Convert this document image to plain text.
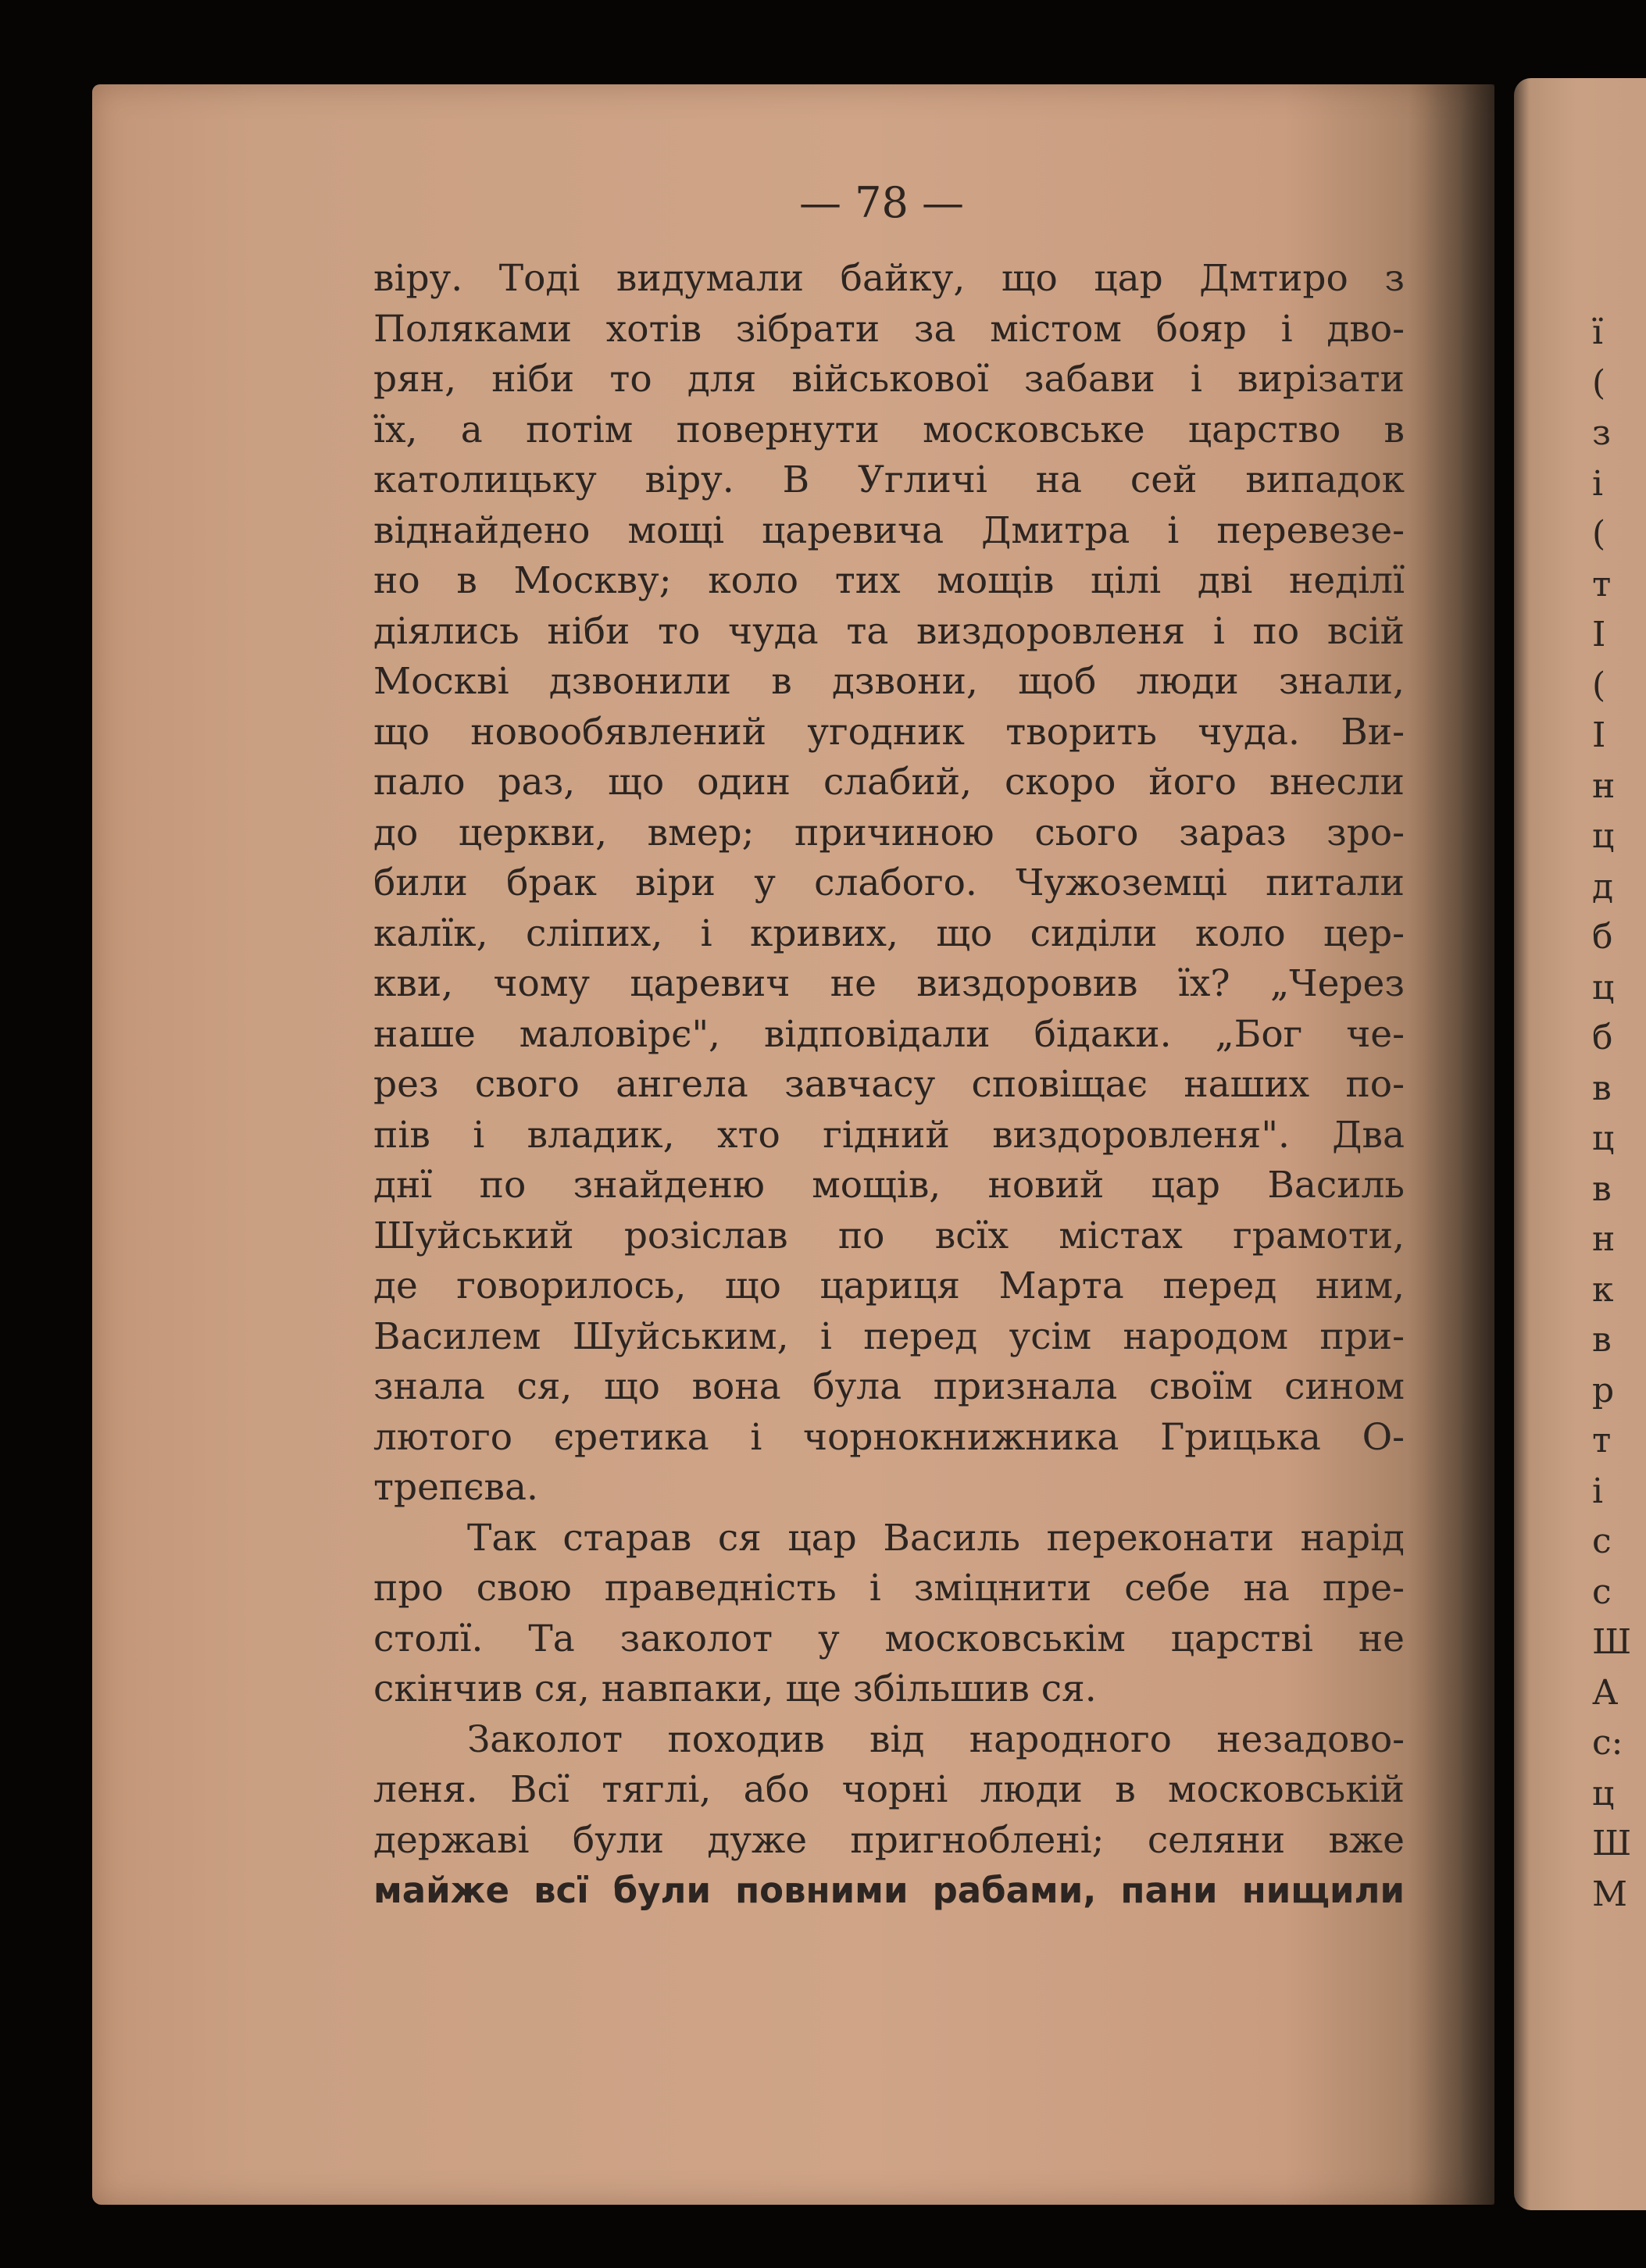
ї
(
з
і
(
т
І
(
І
н
ц
д
б
ц
б
в
ц
в
н
к
в
р
т
і
с
с
Ш
А
с:
ц
Ш
М
— 78 —
віру. Тоді видумали байку, що цар Дмтиро з
Поляками хотів зібрати за містом бояр і дво-
рян, ніби то для військової забави і вирізати
їх, а потім повернути московське царство в
католицьку віру. В Угличі на сей випадок
віднайдено мощі царевича Дмитра і перевезе-
но в Москву; коло тих мощів цілі дві неділї
діялись ніби то чуда та виздоровленя і по всій
Москві дзвонили в дзвони, щоб люди знали,
що новообявлений угодник творить чуда. Ви-
пало раз, що один слабий, скоро його внесли
до церкви, вмер; причиною сього зараз зро-
били брак віри у слабого. Чужоземці питали
калїк, сліпих, і кривих, що сиділи коло цер-
кви, чому царевич не виздоровив їх? „Через
наше маловірє", відповідали бідаки. „Бог че-
рез свого ангела завчасу сповіщає наших по-
пів і владик, хто гідний виздоровленя". Два
днї по знайденю мощів, новий цар Василь
Шуйський розіслав по всїх містах грамоти,
де говорилось, що цариця Марта перед ним,
Василем Шуйським, і перед усім народом при-
знала ся, що вона була признала своїм сином
лютого єретика і чорнокнижника Грицька О-
трепєва.
Так старав ся цар Василь переконати нарід
про свою праведність і зміцнити себе на пре-
столї. Та заколот у московськім царстві не
скінчив ся, навпаки, ще збільшив ся.
Заколот походив від народного незадово-
леня. Всї тяглі, або чорні люди в московській
державі були дуже пригноблені; селяни вже
майже всї були повними рабами, пани нищили
